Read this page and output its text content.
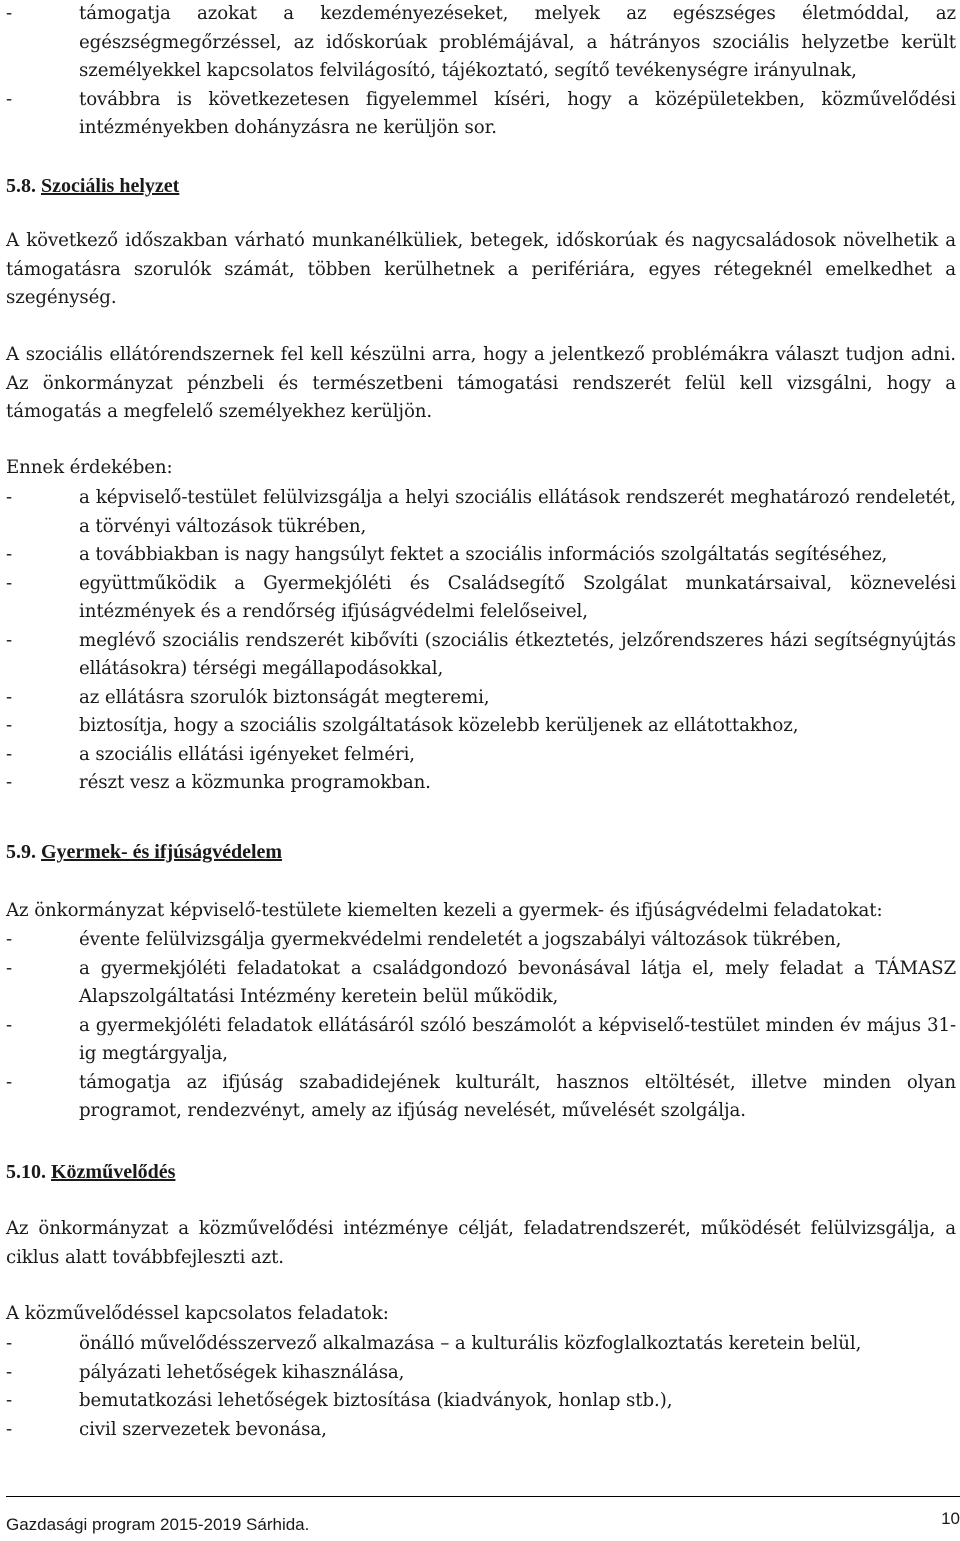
-	támogatja azokat a kezdeményezéseket, melyek az egészséges életmóddal, az egészségmegőrzéssel, az időskorúak problémájával, a hátrányos szociális helyzetbe került személyekkel kapcsolatos felvilágosító, tájékoztató, segítő tevékenységre irányulnak,
-	továbbra is következetesen figyelemmel kíséri, hogy a középületekben, közművelődési intézményekben dohányzásra ne kerüljön sor.
5.8. Szociális helyzet

A következő időszakban várható munkanélküliek, betegek, időskorúak és nagycsaládosok növelhetik a támogatásra szorulók számát, többen kerülhetnek a perifériára, egyes rétegeknél emelkedhet a szegénység.

A szociális ellátórendszernek fel kell készülni arra, hogy a jelentkező problémákra választ tudjon adni. Az önkormányzat pénzbeli és természetbeni támogatási rendszerét felül kell vizsgálni, hogy a támogatás a megfelelő személyekhez kerüljön.

Ennek érdekében:

-	a képviselő-testület felülvizsgálja a helyi szociális ellátások rendszerét meghatározó rendeletét, a törvényi változások tükrében,
-	a továbbiakban is nagy hangsúlyt fektet a szociális információs szolgáltatás segítéséhez,
-	együttműködik a Gyermekjóléti és Családsegítő Szolgálat munkatársaival, köznevelési intézmények és a rendőrség ifjúságvédelmi felelőseivel,
-	meglévő szociális rendszerét kibővíti (szociális étkeztetés, jelzőrendszeres házi segítségnyújtás ellátásokra) térségi megállapodásokkal,
-	az ellátásra szorulók biztonságát megteremi,
-	biztosítja, hogy a szociális szolgáltatások közelebb kerüljenek az ellátottakhoz,
-	a szociális ellátási igényeket felméri,
-	részt vesz a közmunka programokban.
5.9. Gyermek- és ifjúságvédelem

Az önkormányzat képviselő-testülete kiemelten kezeli a gyermek- és ifjúságvédelmi feladatokat:

-	évente felülvizsgálja gyermekvédelmi rendeletét a jogszabályi változások tükrében,
-	a gyermekjóléti feladatokat a családgondozó bevonásával látja el, mely feladat a TÁMASZ Alapszolgáltatási Intézmény keretein belül működik,
-	a gyermekjóléti feladatok ellátásáról szóló beszámolót a képviselő-testület minden év május 31-ig megtárgyalja,
-	támogatja az ifjúság szabadidejének kulturált, hasznos eltöltését, illetve minden olyan programot, rendezvényt, amely az ifjúság nevelését, művelését szolgálja.
5.10. Közművelődés

Az önkormányzat a közművelődési intézménye célját, feladatrendszerét, működését felülvizsgálja, a ciklus alatt továbbfejleszti azt.

A közművelődéssel kapcsolatos feladatok:

-	önálló művelődésszervező alkalmazása – a kulturális közfoglalkoztatás keretein belül,
-	pályázati lehetőségek kihasználása,
-	bemutatkozási lehetőségek biztosítása (kiadványok, honlap stb.),
-	civil szervezetek bevonása,
Gazdasági program 2015-2019 Sárhida.	10
